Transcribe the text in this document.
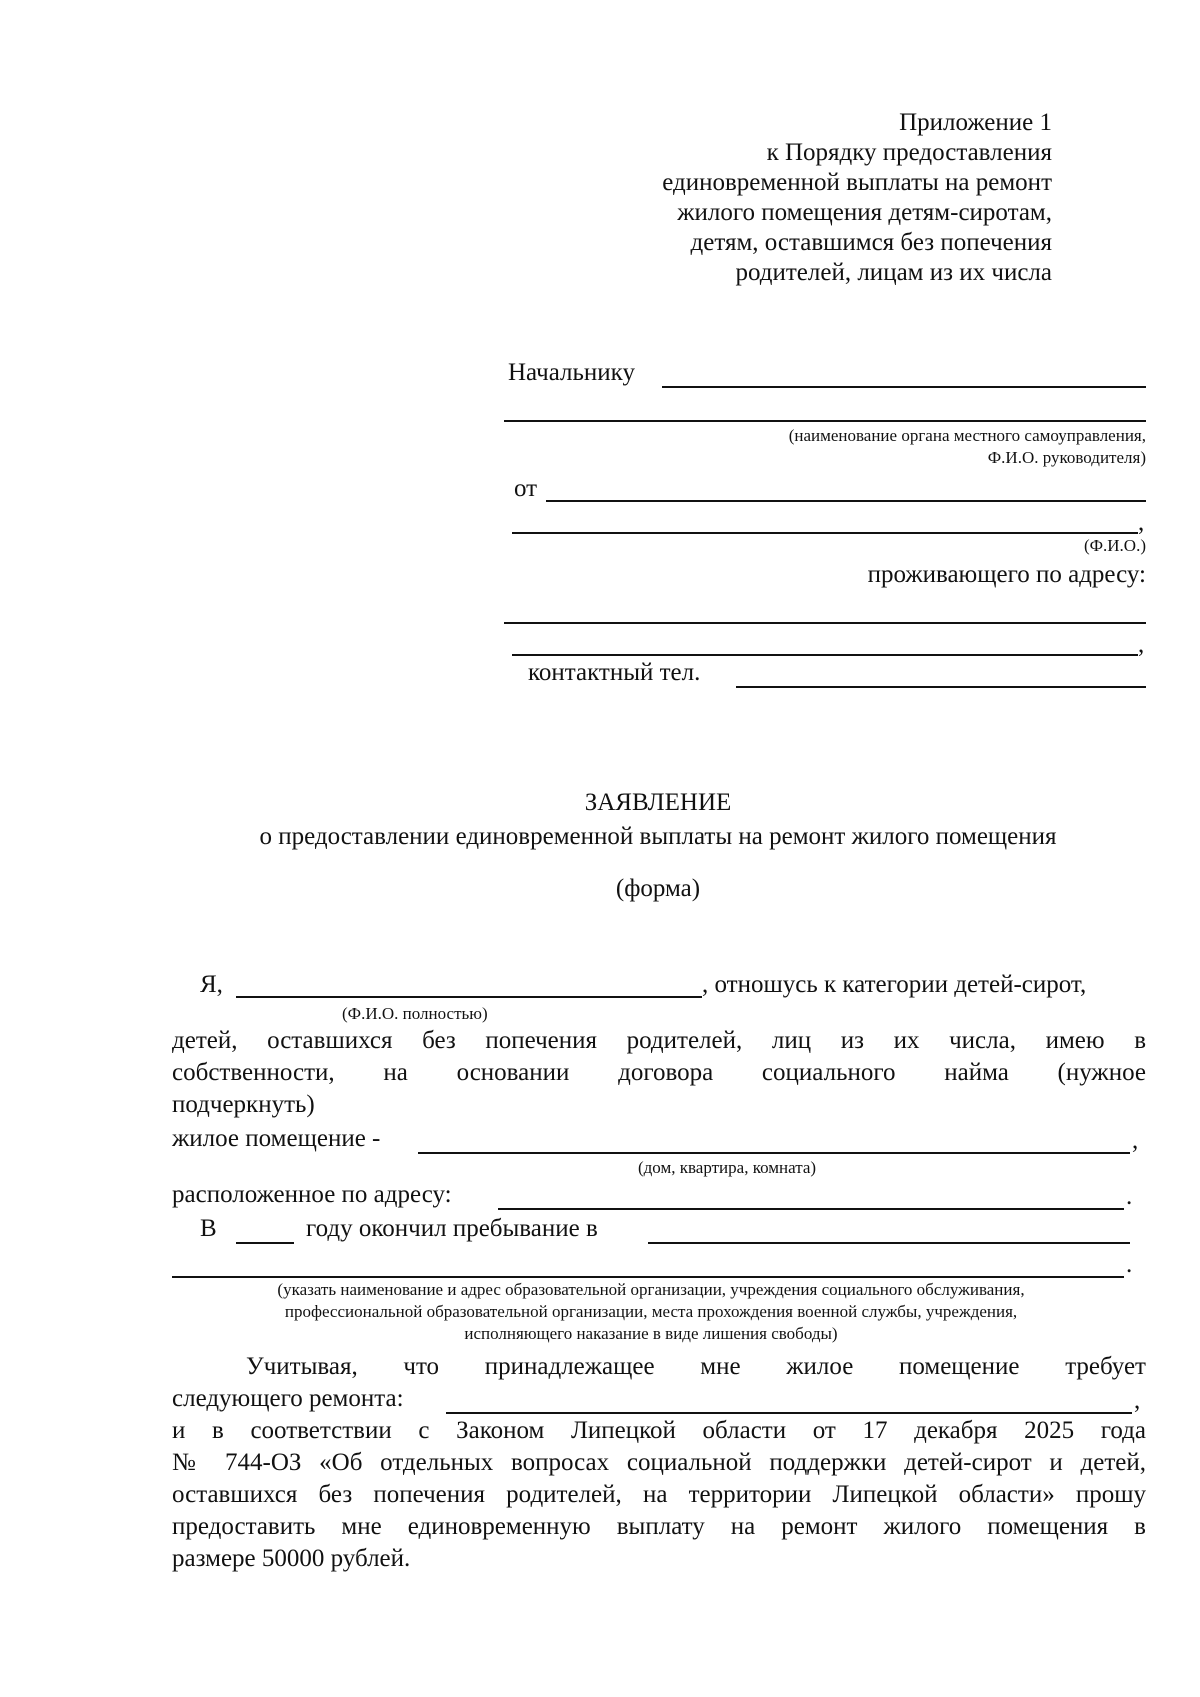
Приложение 1
к Порядку предоставления
единовременной выплаты на ремонт
жилого помещения детям-сиротам,
детям, оставшимся без попечения
родителей, лицам из их числа
Начальнику
(наименование органа местного самоуправления,
Ф.И.О. руководителя)
от
,
(Ф.И.О.)
проживающего по адресу:
,
контактный тел.
ЗАЯВЛЕНИЕ
о предоставлении единовременной выплаты на ремонт жилого помещения
(форма)
Я,	, отношусь к категории детей-сирот,
(Ф.И.О. полностью)
детей, оставшихся без попечения родителей, лиц из их числа, имею в
собственности, на основании договора социального найма (нужное
подчеркнуть)
жилое помещение -	,
(дом, квартира, комната)
расположенное по адресу:	.
В	году окончил пребывание в
.
(указать наименование и адрес образовательной организации, учреждения социального обслуживания,
профессиональной образовательной организации, места прохождения военной службы, учреждения,
исполняющего наказание в виде лишения свободы)
Учитывая, что принадлежащее мне жилое помещение требует
следующего ремонта:	,
и в соответствии с Законом Липецкой области от 17 декабря 2025 года
№ 744-ОЗ «Об отдельных вопросах социальной поддержки детей-сирот и детей,
оставшихся без попечения родителей, на территории Липецкой области» прошу
предоставить мне единовременную выплату на ремонт жилого помещения в
размере 50000 рублей.
